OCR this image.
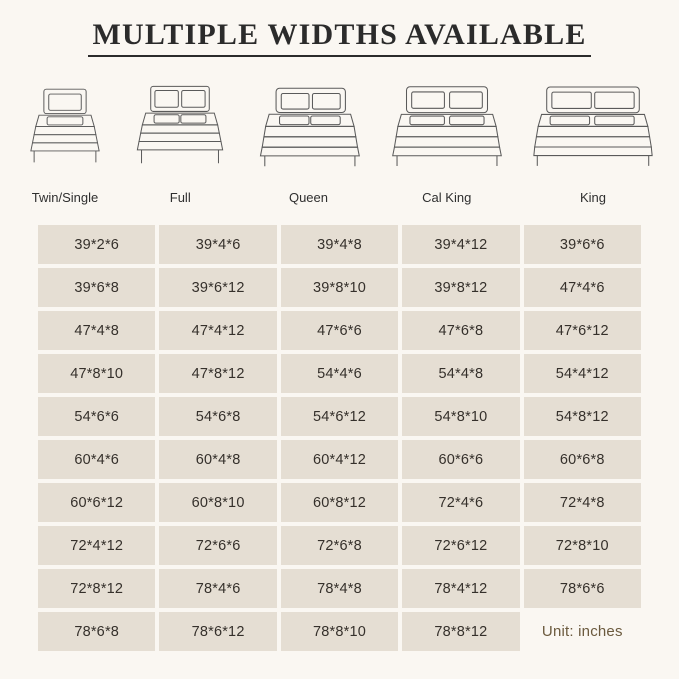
MULTIPLE WIDTHS AVAILABLE
Twin/Single	Full	Queen	Cal King	King
39*2*6	39*4*6	39*4*8	39*4*12	39*6*6
39*6*8	39*6*12	39*8*10	39*8*12	47*4*6
47*4*8	47*4*12	47*6*6	47*6*8	47*6*12
47*8*10	47*8*12	54*4*6	54*4*8	54*4*12
54*6*6	54*6*8	54*6*12	54*8*10	54*8*12
60*4*6	60*4*8	60*4*12	60*6*6	60*6*8
60*6*12	60*8*10	60*8*12	72*4*6	72*4*8
72*4*12	72*6*6	72*6*8	72*6*12	72*8*10
72*8*12	78*4*6	78*4*8	78*4*12	78*6*6
78*6*8	78*6*12	78*8*10	78*8*12	Unit: inches
